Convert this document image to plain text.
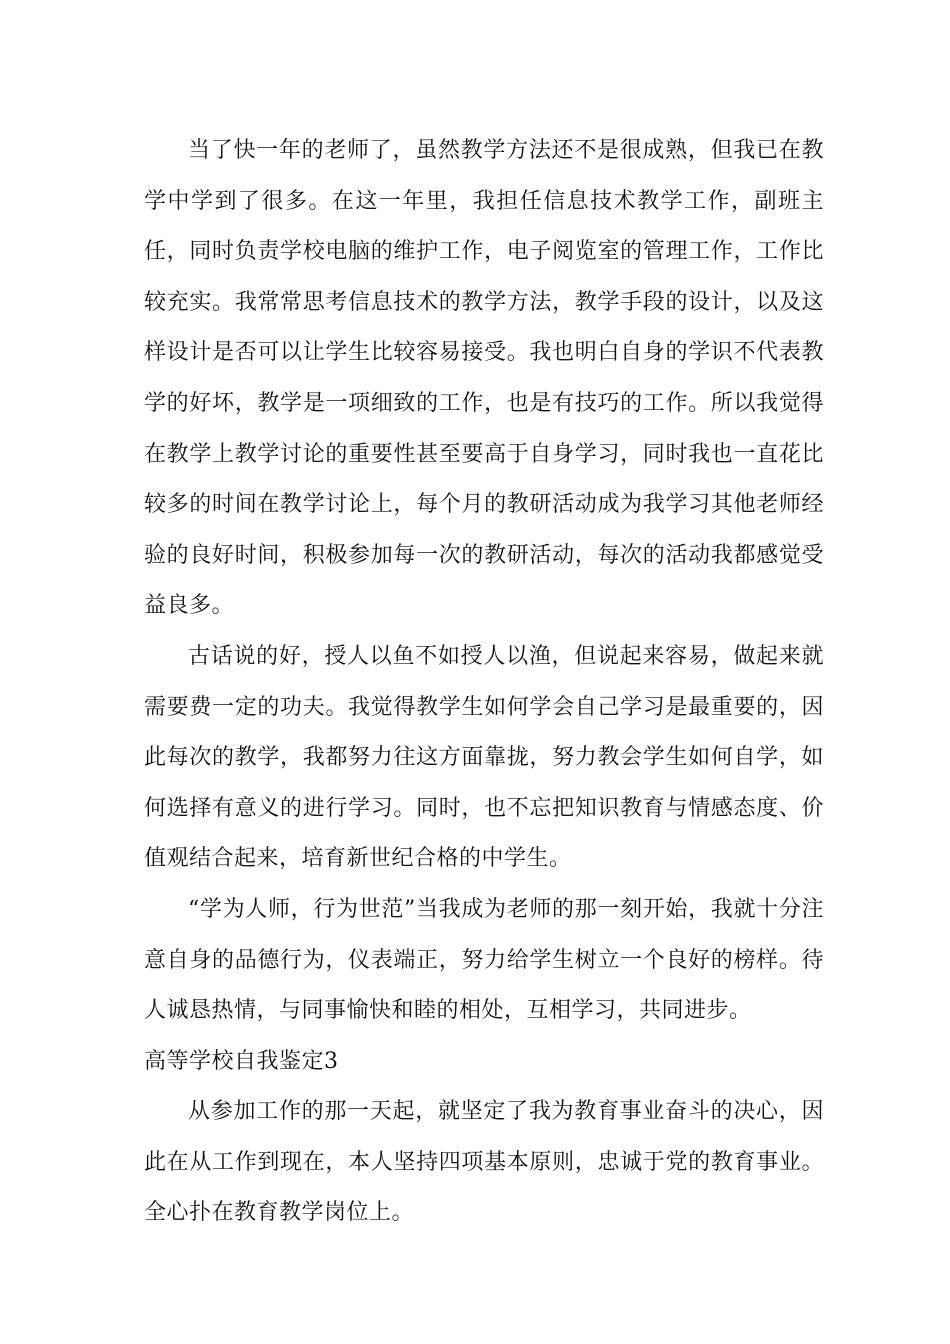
当了快一年的老师了，虽然教学方法还不是很成熟，但我已在教学中学到了很多。在这一年里，我担任信息技术教学工作，副班主任，同时负责学校电脑的维护工作，电子阅览室的管理工作，工作比较充实。我常常思考信息技术的教学方法，教学手段的设计，以及这样设计是否可以让学生比较容易接受。我也明白自身的学识不代表教学的好坏，教学是一项细致的工作，也是有技巧的工作。所以我觉得在教学上教学讨论的重要性甚至要高于自身学习，同时我也一直花比较多的时间在教学讨论上，每个月的教研活动成为我学习其他老师经验的良好时间，积极参加每一次的教研活动，每次的活动我都感觉受益良多。

古话说的好，授人以鱼不如授人以渔，但说起来容易，做起来就需要费一定的功夫。我觉得教学生如何学会自己学习是最重要的，因此每次的教学，我都努力往这方面靠拢，努力教会学生如何自学，如何选择有意义的进行学习。同时，也不忘把知识教育与情感态度、价值观结合起来，培育新世纪合格的中学生。

“学为人师，行为世范”当我成为老师的那一刻开始，我就十分注意自身的品德行为，仪表端正，努力给学生树立一个良好的榜样。待人诚恳热情，与同事愉快和睦的相处，互相学习，共同进步。

高等学校自我鉴定3

从参加工作的那一天起，就坚定了我为教育事业奋斗的决心，因此在从工作到现在，本人坚持四项基本原则，忠诚于党的教育事业。全心扑在教育教学岗位上。
